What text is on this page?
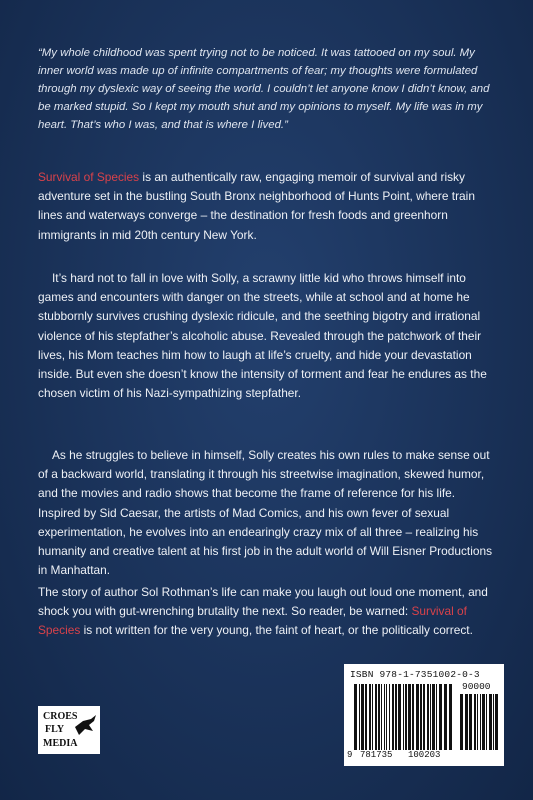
“My whole childhood was spent trying not to be noticed. It was tattooed on my soul. My inner world was made up of infinite compartments of fear; my thoughts were formulated through my dyslexic way of seeing the world. I couldn’t let anyone know I didn’t know, and be marked stupid. So I kept my mouth shut and my opinions to myself. My life was in my heart. That’s who I was, and that is where I lived.”

Survival of Species is an authentically raw, engaging memoir of survival and risky adventure set in the bustling South Bronx neighborhood of Hunts Point, where train lines and waterways converge – the destination for fresh foods and greenhorn immigrants in mid 20th century New York.

It’s hard not to fall in love with Solly, a scrawny little kid who throws himself into games and encounters with danger on the streets, while at school and at home he stubbornly survives crushing dyslexic ridicule, and the seething bigotry and irrational violence of his stepfather’s alcoholic abuse. Revealed through the patchwork of their lives, his Mom teaches him how to laugh at life’s cruelty, and hide your devastation inside. But even she doesn’t know the intensity of torment and fear he endures as the chosen victim of his Nazi-sympathizing stepfather.

As he struggles to believe in himself, Solly creates his own rules to make sense out of a backward world, translating it through his streetwise imagination, skewed humor, and the movies and radio shows that become the frame of reference for his life. Inspired by Sid Caesar, the artists of Mad Comics, and his own fever of sexual experimentation, he evolves into an endearingly crazy mix of all three – realizing his humanity and creative talent at his first job in the adult world of Will Eisner Productions in Manhattan.

The story of author Sol Rothman’s life can make you laugh out loud one moment, and shock you with gut-wrenching brutality the next. So reader, be warned: Survival of Species is not written for the very young, the faint of heart, or the politically correct.

CROES
FLY
MEDIA
ISBN 978-1-7351002-0-3
90000
9 781735 100203
